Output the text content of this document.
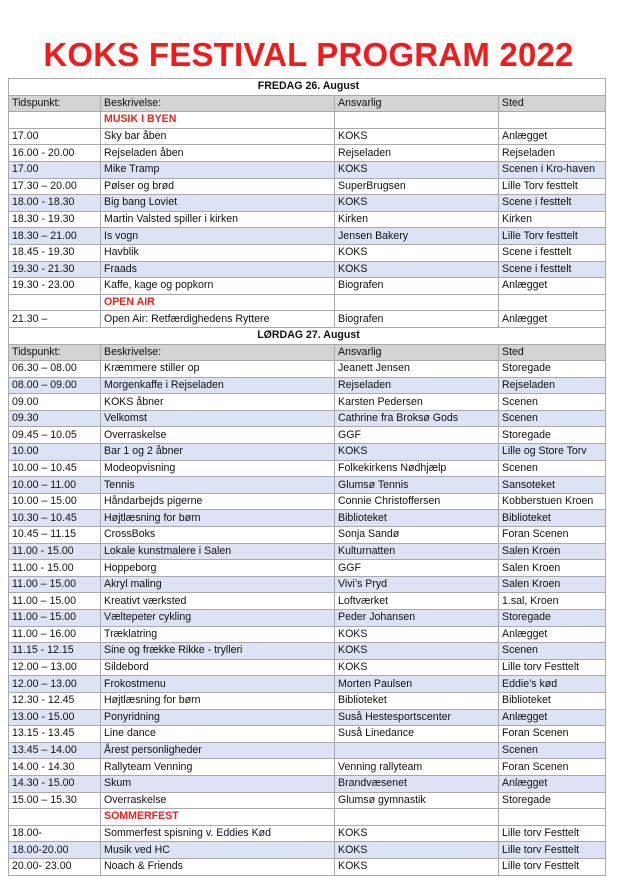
KOKS FESTIVAL PROGRAM 2022
FREDAG 26. August			
Tidspunkt:	Beskrivelse:	Ansvarlig	Sted
	MUSIK I BYEN		
17.00	Sky bar åben	KOKS	Anlægget
16.00 - 20.00	Rejseladen åben	Rejseladen	Rejseladen
17.00	Mike Tramp	KOKS	Scenen i Kro-haven
17.30 – 20.00	Pølser og brød	SuperBrugsen	Lille Torv festtelt
18.00 - 18.30	Big bang Loviet	KOKS	Scene i festtelt
18.30 - 19.30	Martin Valsted spiller i kirken	Kirken	Kirken
18.30 – 21.00	Is vogn	Jensen Bakery	Lille Torv festtelt
18.45 - 19.30	Havblik	KOKS	Scene i festtelt
19.30 - 21.30	Fraads	KOKS	Scene i festtelt
19.30 - 23.00	Kaffe, kage og popkorn	Biografen	Anlægget
	OPEN AIR		
21.30 –	Open Air: Retfærdighedens Ryttere	Biografen	Anlægget
LØRDAG 27. August			
Tidspunkt:	Beskrivelse:	Ansvarlig	Sted
06.30 – 08.00	Kræmmere stiller op	Jeanett Jensen	Storegade
08.00 – 09.00	Morgenkaffe i Rejseladen	Rejseladen	Rejseladen
09.00	KOKS åbner	Karsten Pedersen	Scenen
09.30	Velkomst	Cathrine fra Broksø Gods	Scenen
09.45 – 10.05	Overraskelse	GGF	Storegade
10.00	Bar 1 og 2 åbner	KOKS	Lille og Store Torv
10.00 – 10.45	Modeopvisning	Folkekirkens Nødhjælp	Scenen
10.00 – 11.00	Tennis	Glumsø Tennis	Sansoteket
10.00 – 15.00	Håndarbejds pigerne	Connie Christoffersen	Kobberstuen Kroen
10.30 – 10.45	Højtlæsning for børn	Biblioteket	Biblioteket
10.45 – 11.15	CrossBoks	Sonja Sandø	Foran Scenen
11.00 - 15.00	Lokale kunstmalere i Salen	Kulturnatten	Salen Kroen
11.00 - 15.00	Hoppeborg	GGF	Salen Kroen
11.00 – 15.00	Akryl maling	Vivi’s Pryd	Salen Kroen
11.00 – 15.00	Kreativt værksted	Loftværket	1.sal, Kroen
11.00 – 15.00	Væltepeter cykling	Peder Johansen	Storegade
11.00 – 16.00	Træklatring	KOKS	Anlægget
11.15 - 12.15	Sine og frække Rikke - trylleri	KOKS	Scenen
12.00 – 13.00	Sildebord	KOKS	Lille torv Festtelt
12.00 – 13.00	Frokostmenu	Morten Paulsen	Eddie’s kød
12.30 - 12.45	Højtlæsning for børn	Biblioteket	Biblioteket
13.00 - 15.00	Ponyridning	Suså Hestesportscenter	Anlægget
13.15 - 13.45	Line dance	Suså Linedance	Foran Scenen
13.45 – 14.00	Årest personligheder		Scenen
14.00 - 14.30	Rallyteam Venning	Venning rallyteam	Foran Scenen
14.30 - 15.00	Skum	Brandvæsenet	Anlægget
15.00 – 15.30	Overraskelse	Glumsø gymnastik	Storegade
	SOMMERFEST		
18.00-	Sommerfest spisning v. Eddies Kød	KOKS	Lille torv Festtelt
18.00-20.00	Musik ved HC	KOKS	Lille torv Festtelt
20.00- 23.00	Noach & Friends	KOKS	Lille torv Festtelt
